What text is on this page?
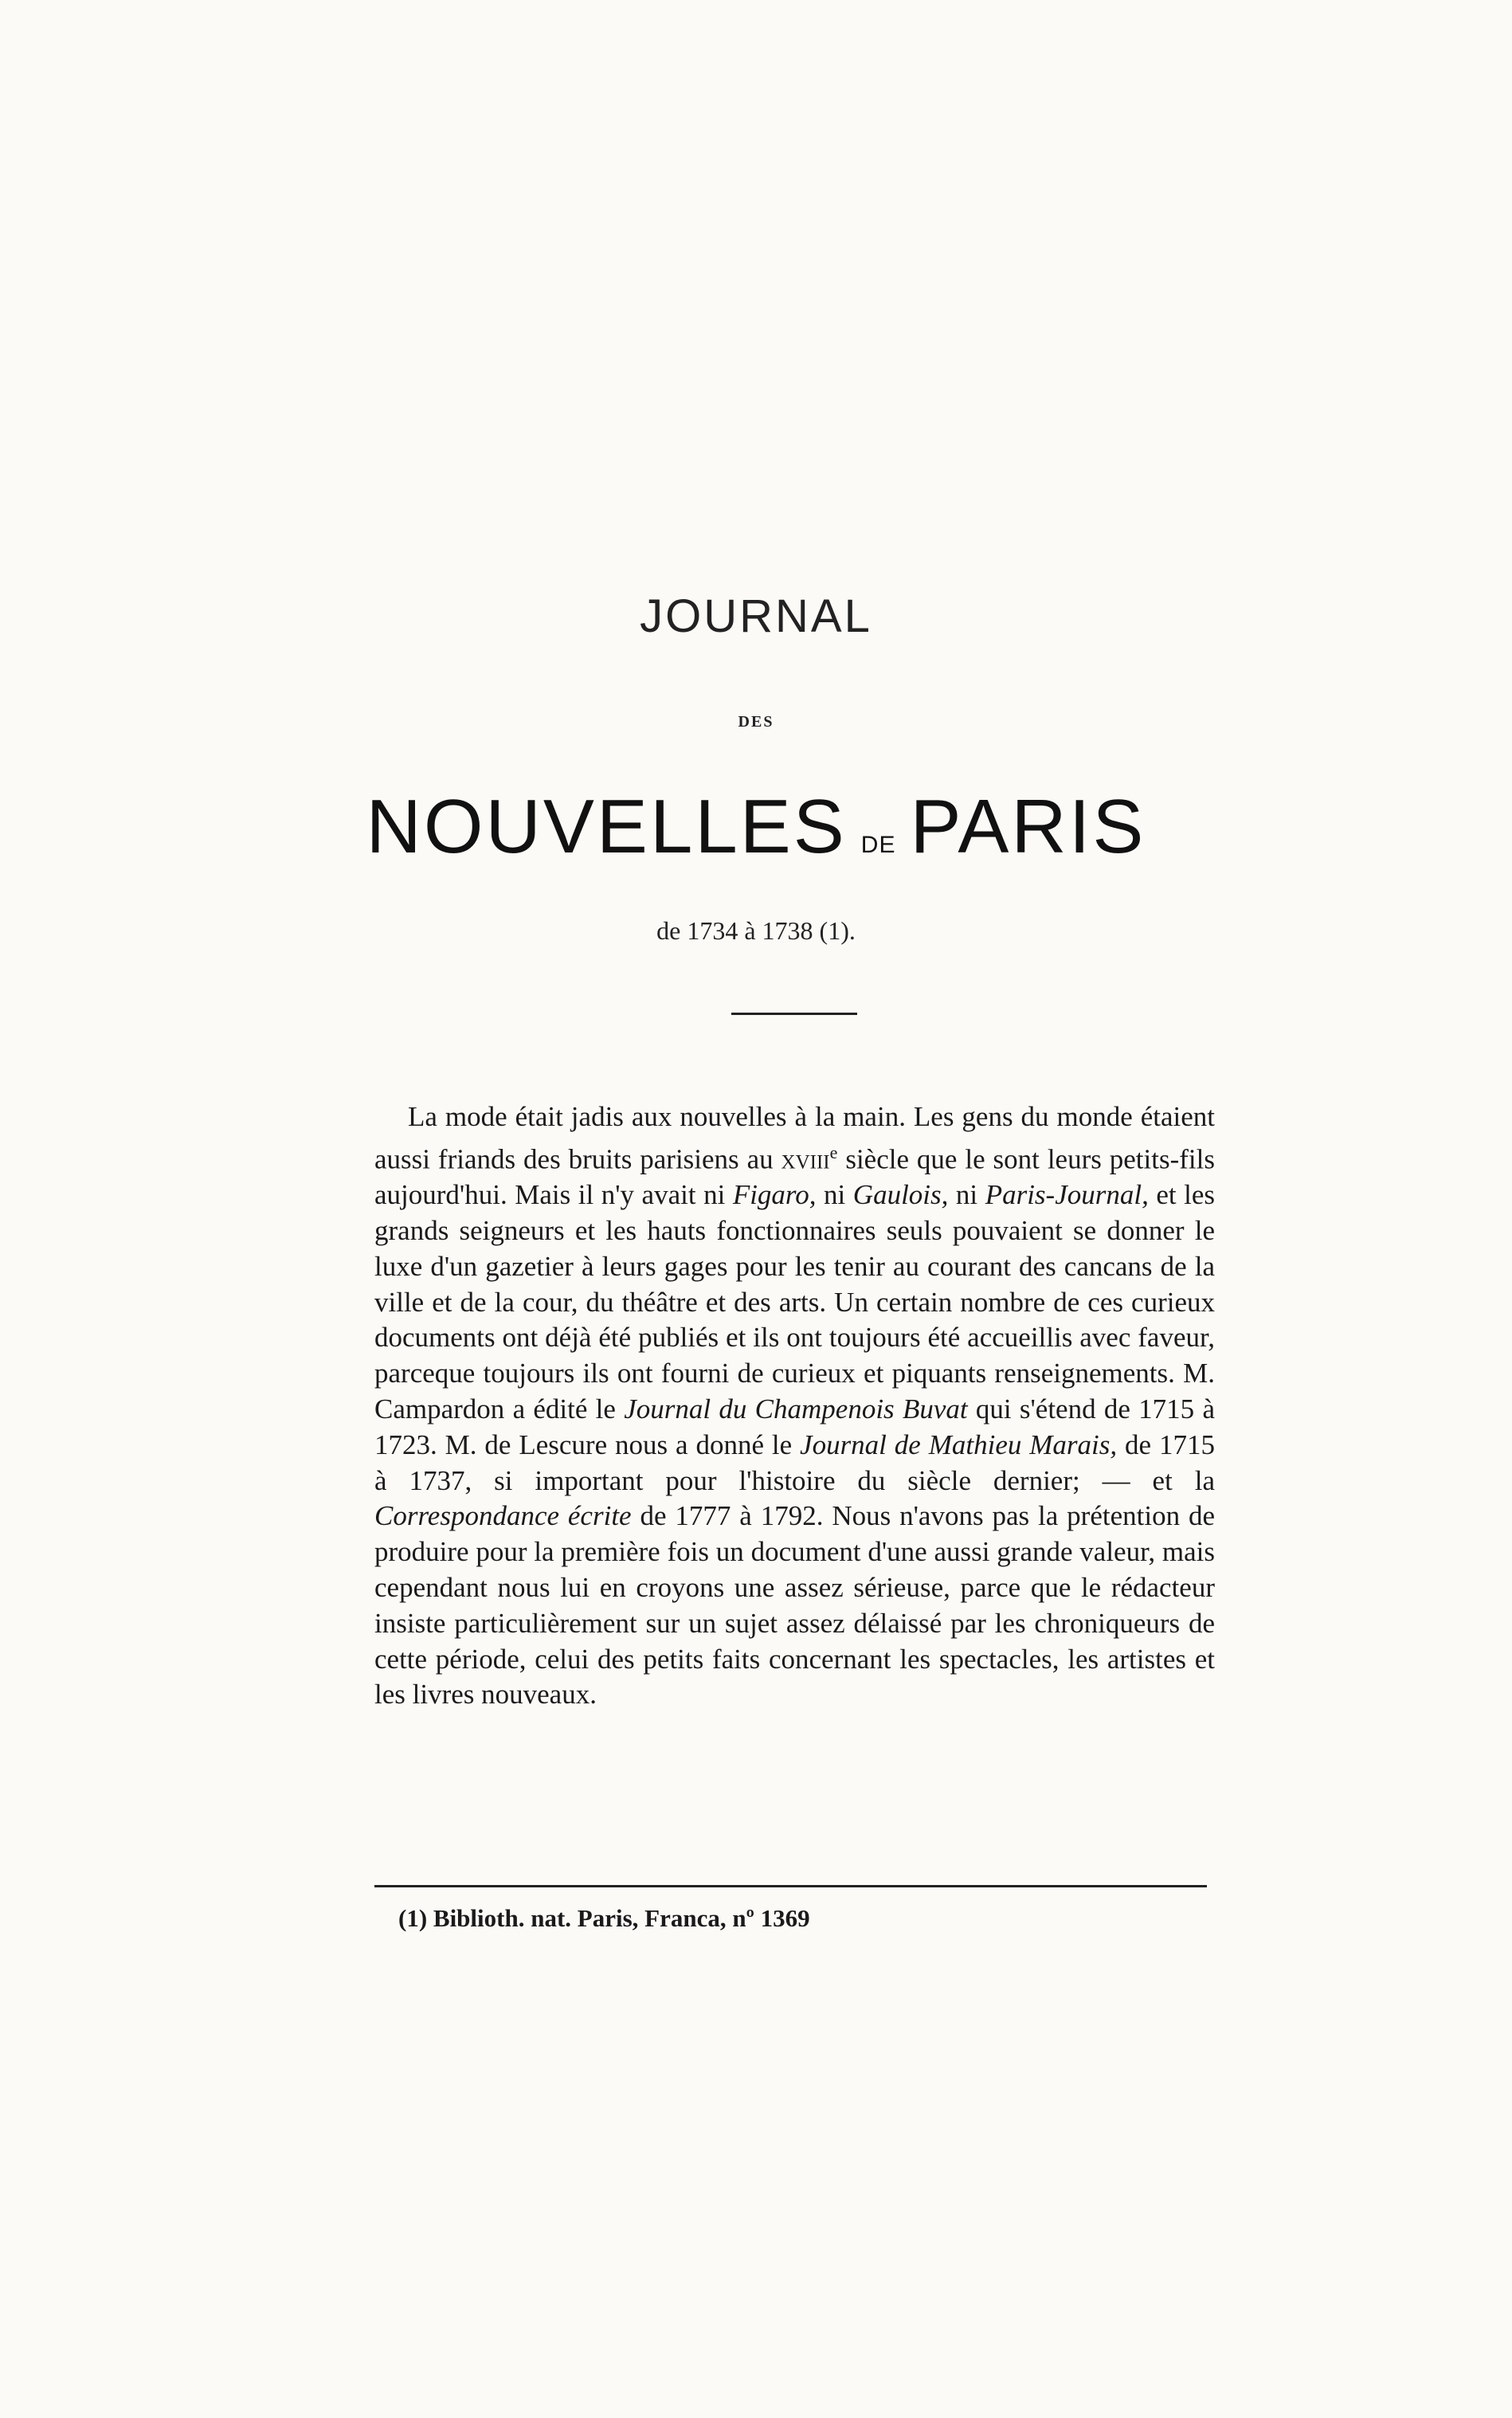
JOURNAL
DES
NOUVELLES DE PARIS
de 1734 à 1738 (1).

La mode était jadis aux nouvelles à la main. Les gens du monde étaient aussi friands des bruits parisiens au xviii$^e$ siècle que le sont leurs petits-fils aujourd'hui. Mais il n'y avait ni Figaro, ni Gaulois, ni Paris-Journal, et les grands seigneurs et les hauts fonctionnaires seuls pouvaient se donner le luxe d'un gazetier à leurs gages pour les tenir au courant des cancans de la ville et de la cour, du théâtre et des arts. Un certain nombre de ces curieux documents ont déjà été publiés et ils ont toujours été accueillis avec faveur, parceque toujours ils ont fourni de curieux et piquants renseignements. M. Campardon a édité le Journal du Champenois Buvat qui s'étend de 1715 à 1723. M. de Lescure nous a donné le Journal de Mathieu Marais, de 1715 à 1737, si important pour l'histoire du siècle dernier; — et la Correspondance écrite de 1777 à 1792. Nous n'avons pas la prétention de produire pour la première fois un document d'une aussi grande valeur, mais cependant nous lui en croyons une assez sérieuse, parce que le rédacteur insiste particulièrement sur un sujet assez délaissé par les chroniqueurs de cette période, celui des petits faits concernant les spectacles, les artistes et les livres nouveaux.

(1) Biblioth. nat. Paris, Franca, nº 1369
